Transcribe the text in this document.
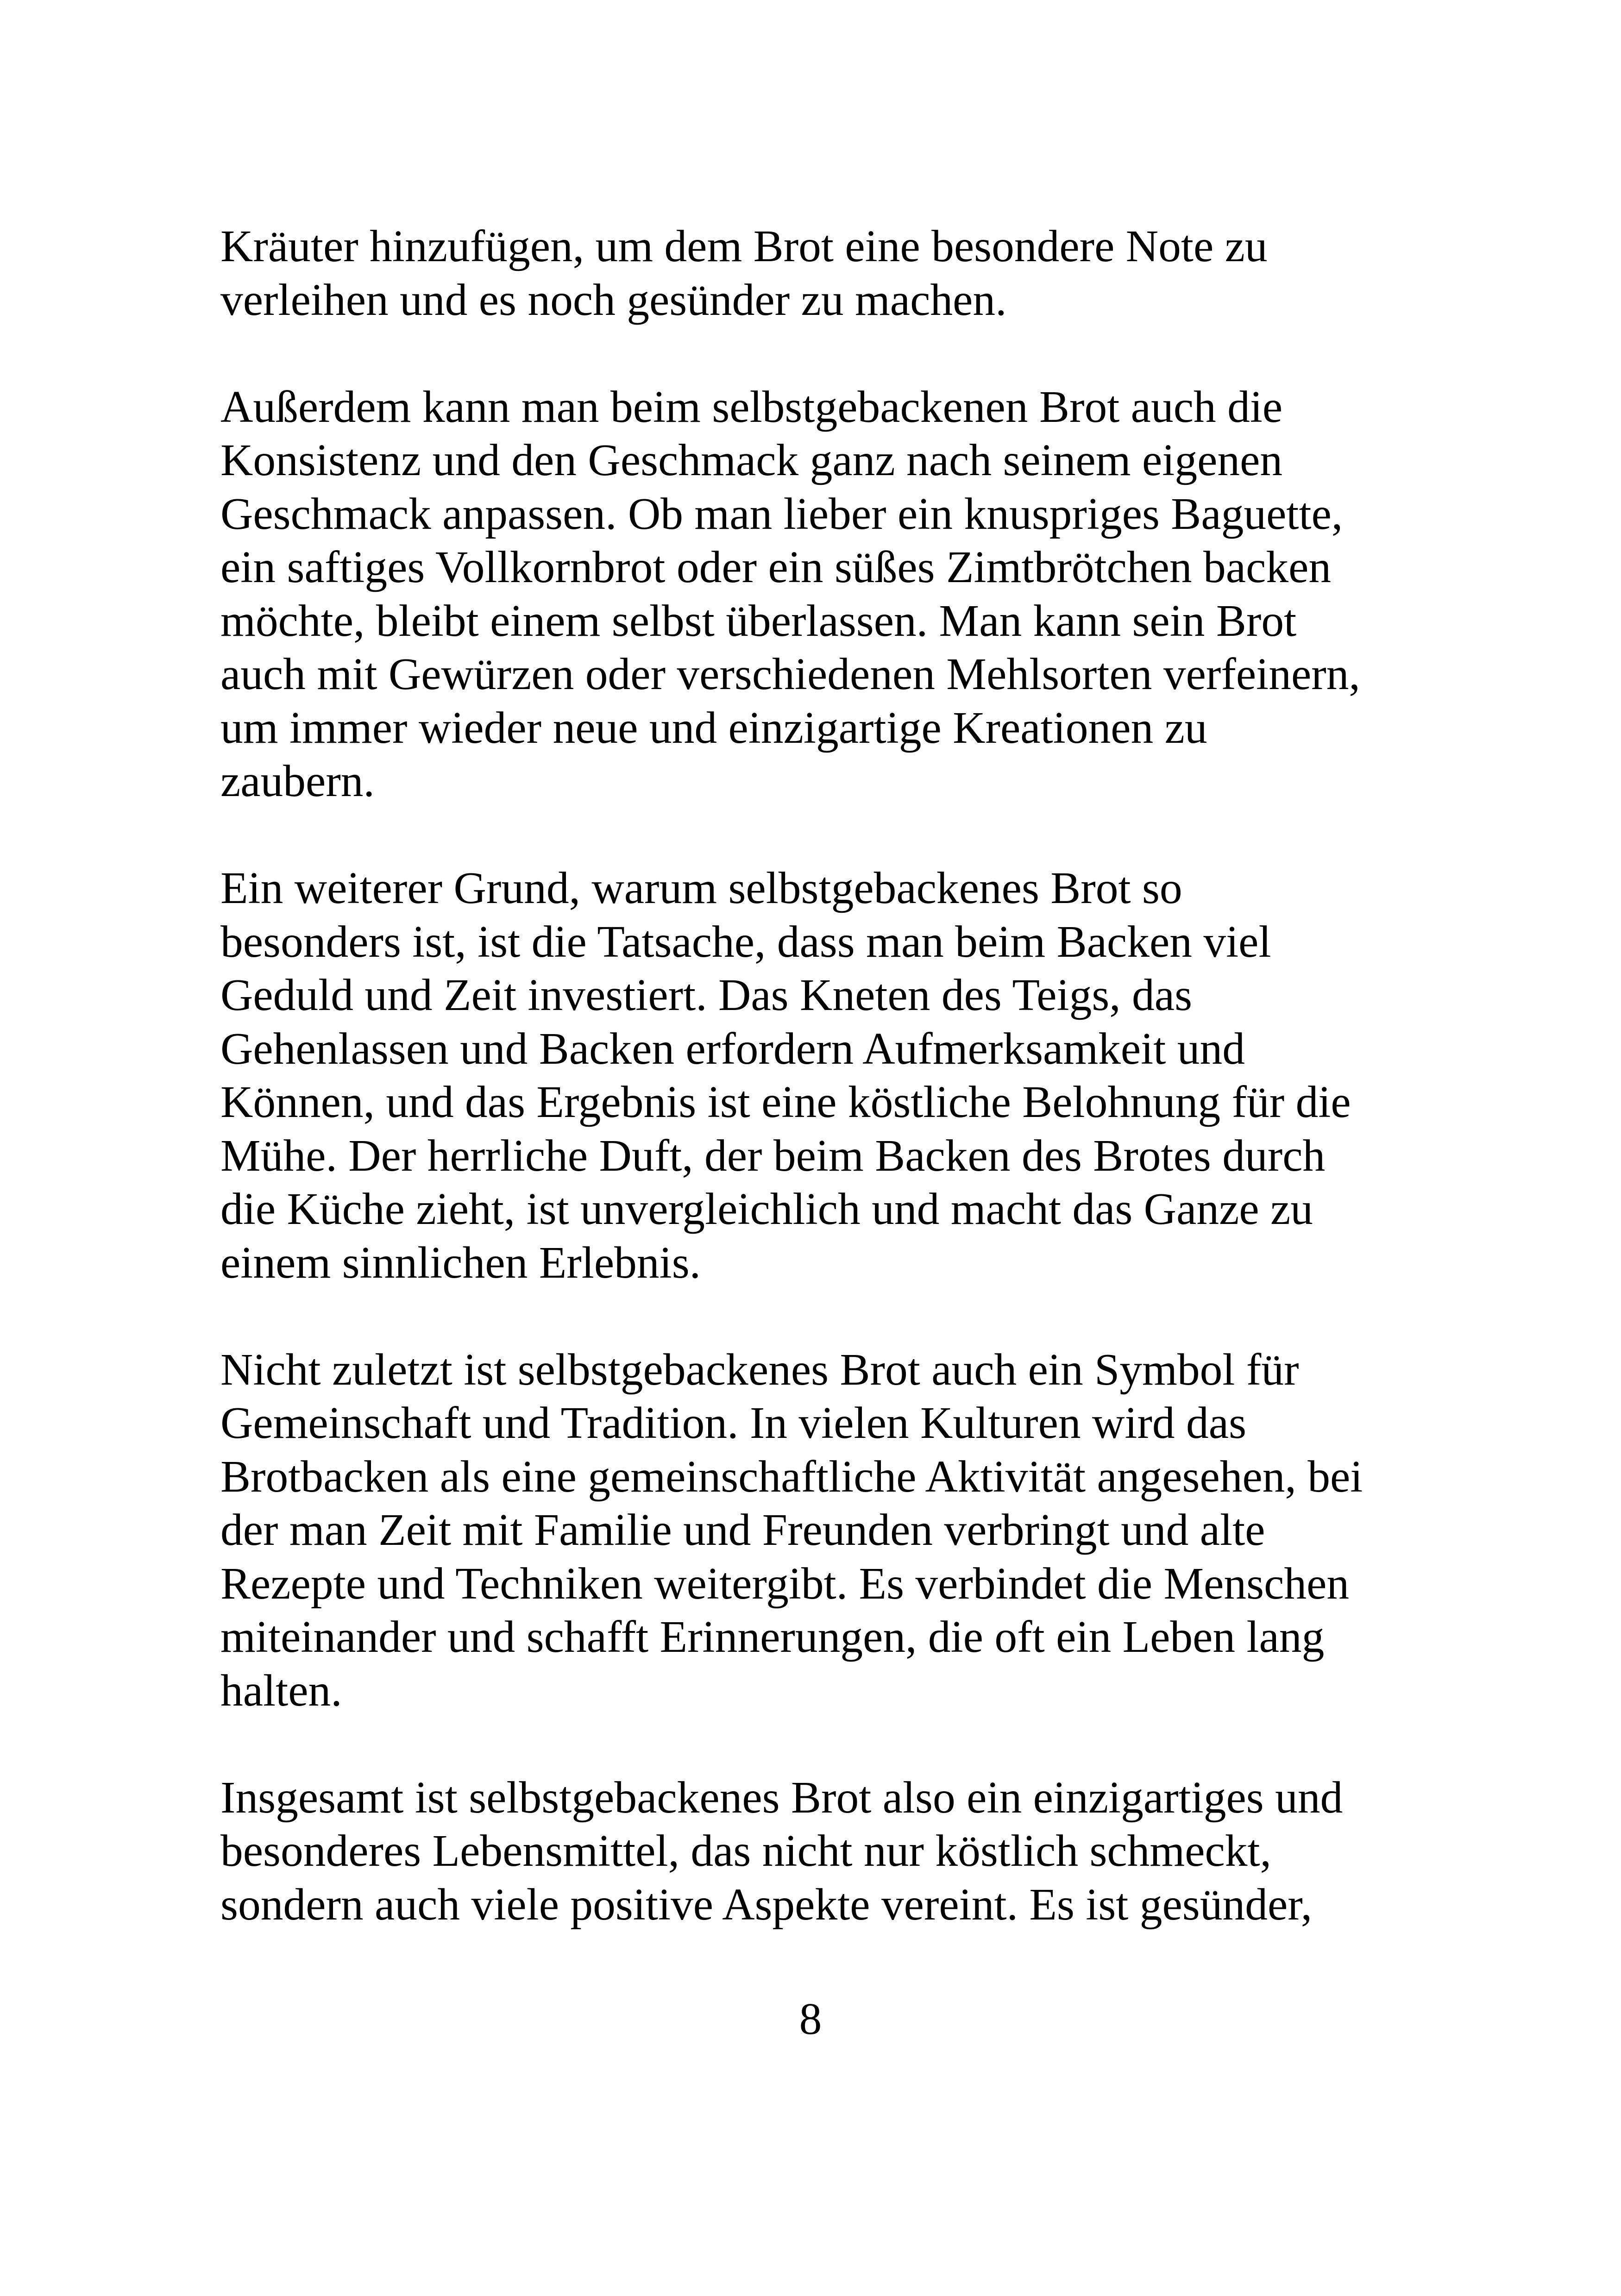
Kräuter hinzufügen, um dem Brot eine besondere Note zu
verleihen und es noch gesünder zu machen.

Außerdem kann man beim selbstgebackenen Brot auch die
Konsistenz und den Geschmack ganz nach seinem eigenen
Geschmack anpassen. Ob man lieber ein knuspriges Baguette,
ein saftiges Vollkornbrot oder ein süßes Zimtbrötchen backen
möchte, bleibt einem selbst überlassen. Man kann sein Brot
auch mit Gewürzen oder verschiedenen Mehlsorten verfeinern,
um immer wieder neue und einzigartige Kreationen zu
zaubern.

Ein weiterer Grund, warum selbstgebackenes Brot so
besonders ist, ist die Tatsache, dass man beim Backen viel
Geduld und Zeit investiert. Das Kneten des Teigs, das
Gehenlassen und Backen erfordern Aufmerksamkeit und
Können, und das Ergebnis ist eine köstliche Belohnung für die
Mühe. Der herrliche Duft, der beim Backen des Brotes durch
die Küche zieht, ist unvergleichlich und macht das Ganze zu
einem sinnlichen Erlebnis.

Nicht zuletzt ist selbstgebackenes Brot auch ein Symbol für
Gemeinschaft und Tradition. In vielen Kulturen wird das
Brotbacken als eine gemeinschaftliche Aktivität angesehen, bei
der man Zeit mit Familie und Freunden verbringt und alte
Rezepte und Techniken weitergibt. Es verbindet die Menschen
miteinander und schafft Erinnerungen, die oft ein Leben lang
halten.

Insgesamt ist selbstgebackenes Brot also ein einzigartiges und
besonderes Lebensmittel, das nicht nur köstlich schmeckt,
sondern auch viele positive Aspekte vereint. Es ist gesünder,

8
